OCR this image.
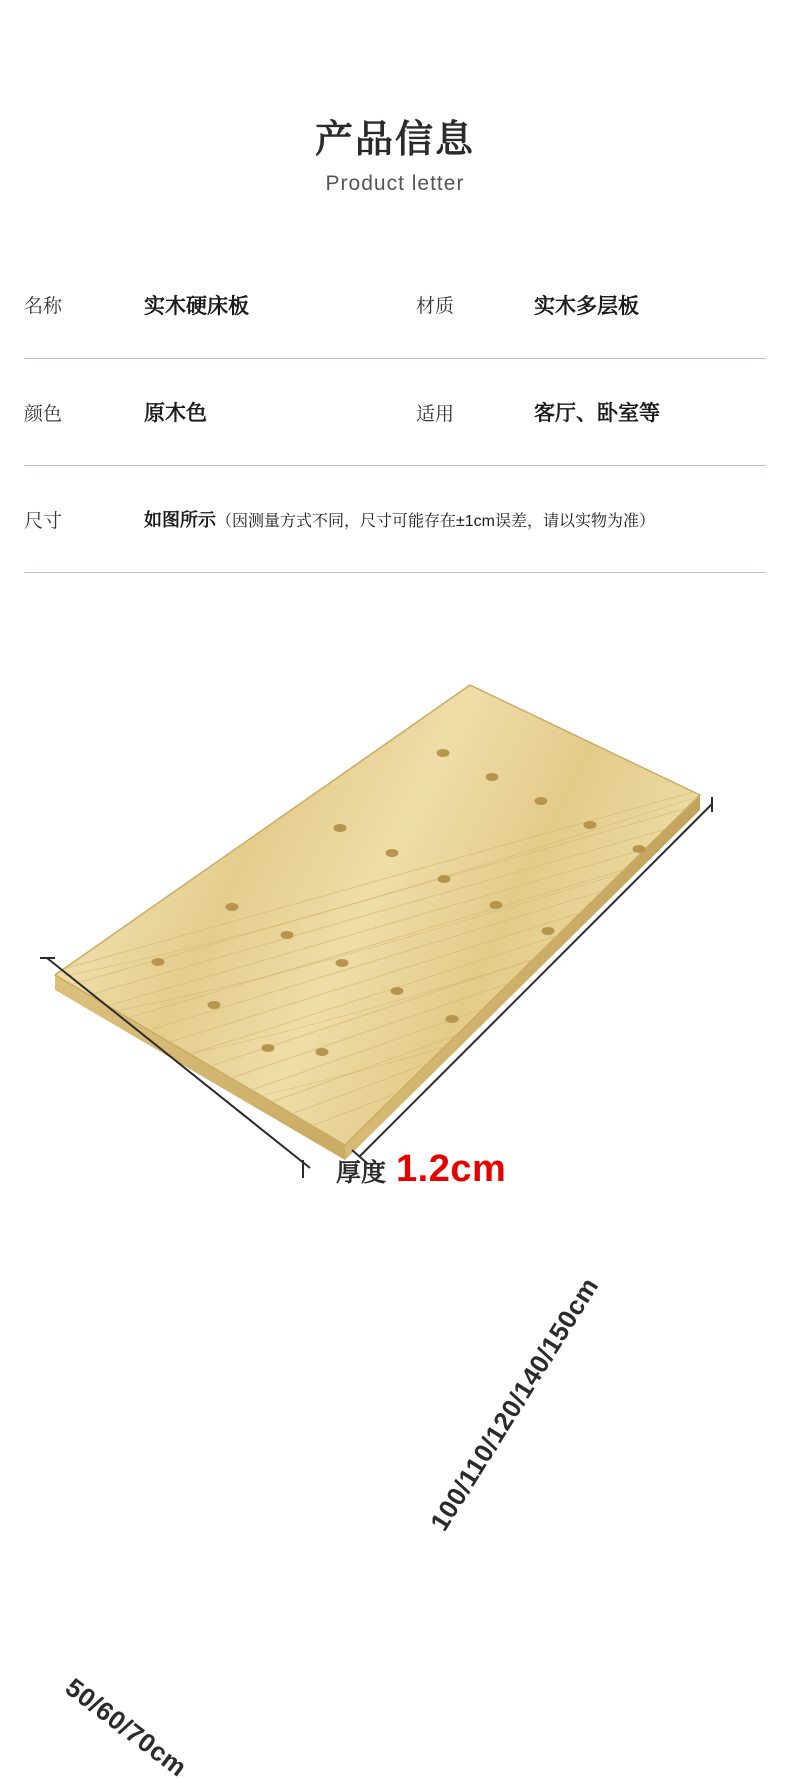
产品信息
Product letter
名称	实木硬床板	材质	实木多层板
颜色	原木色	适用	客厅、卧室等
尺寸	如图所示（因测量方式不同，尺寸可能存在±1cm误差，请以实物为准）		
100/110/120/140/150cm
50/60/70cm
厚度 1.2cm
